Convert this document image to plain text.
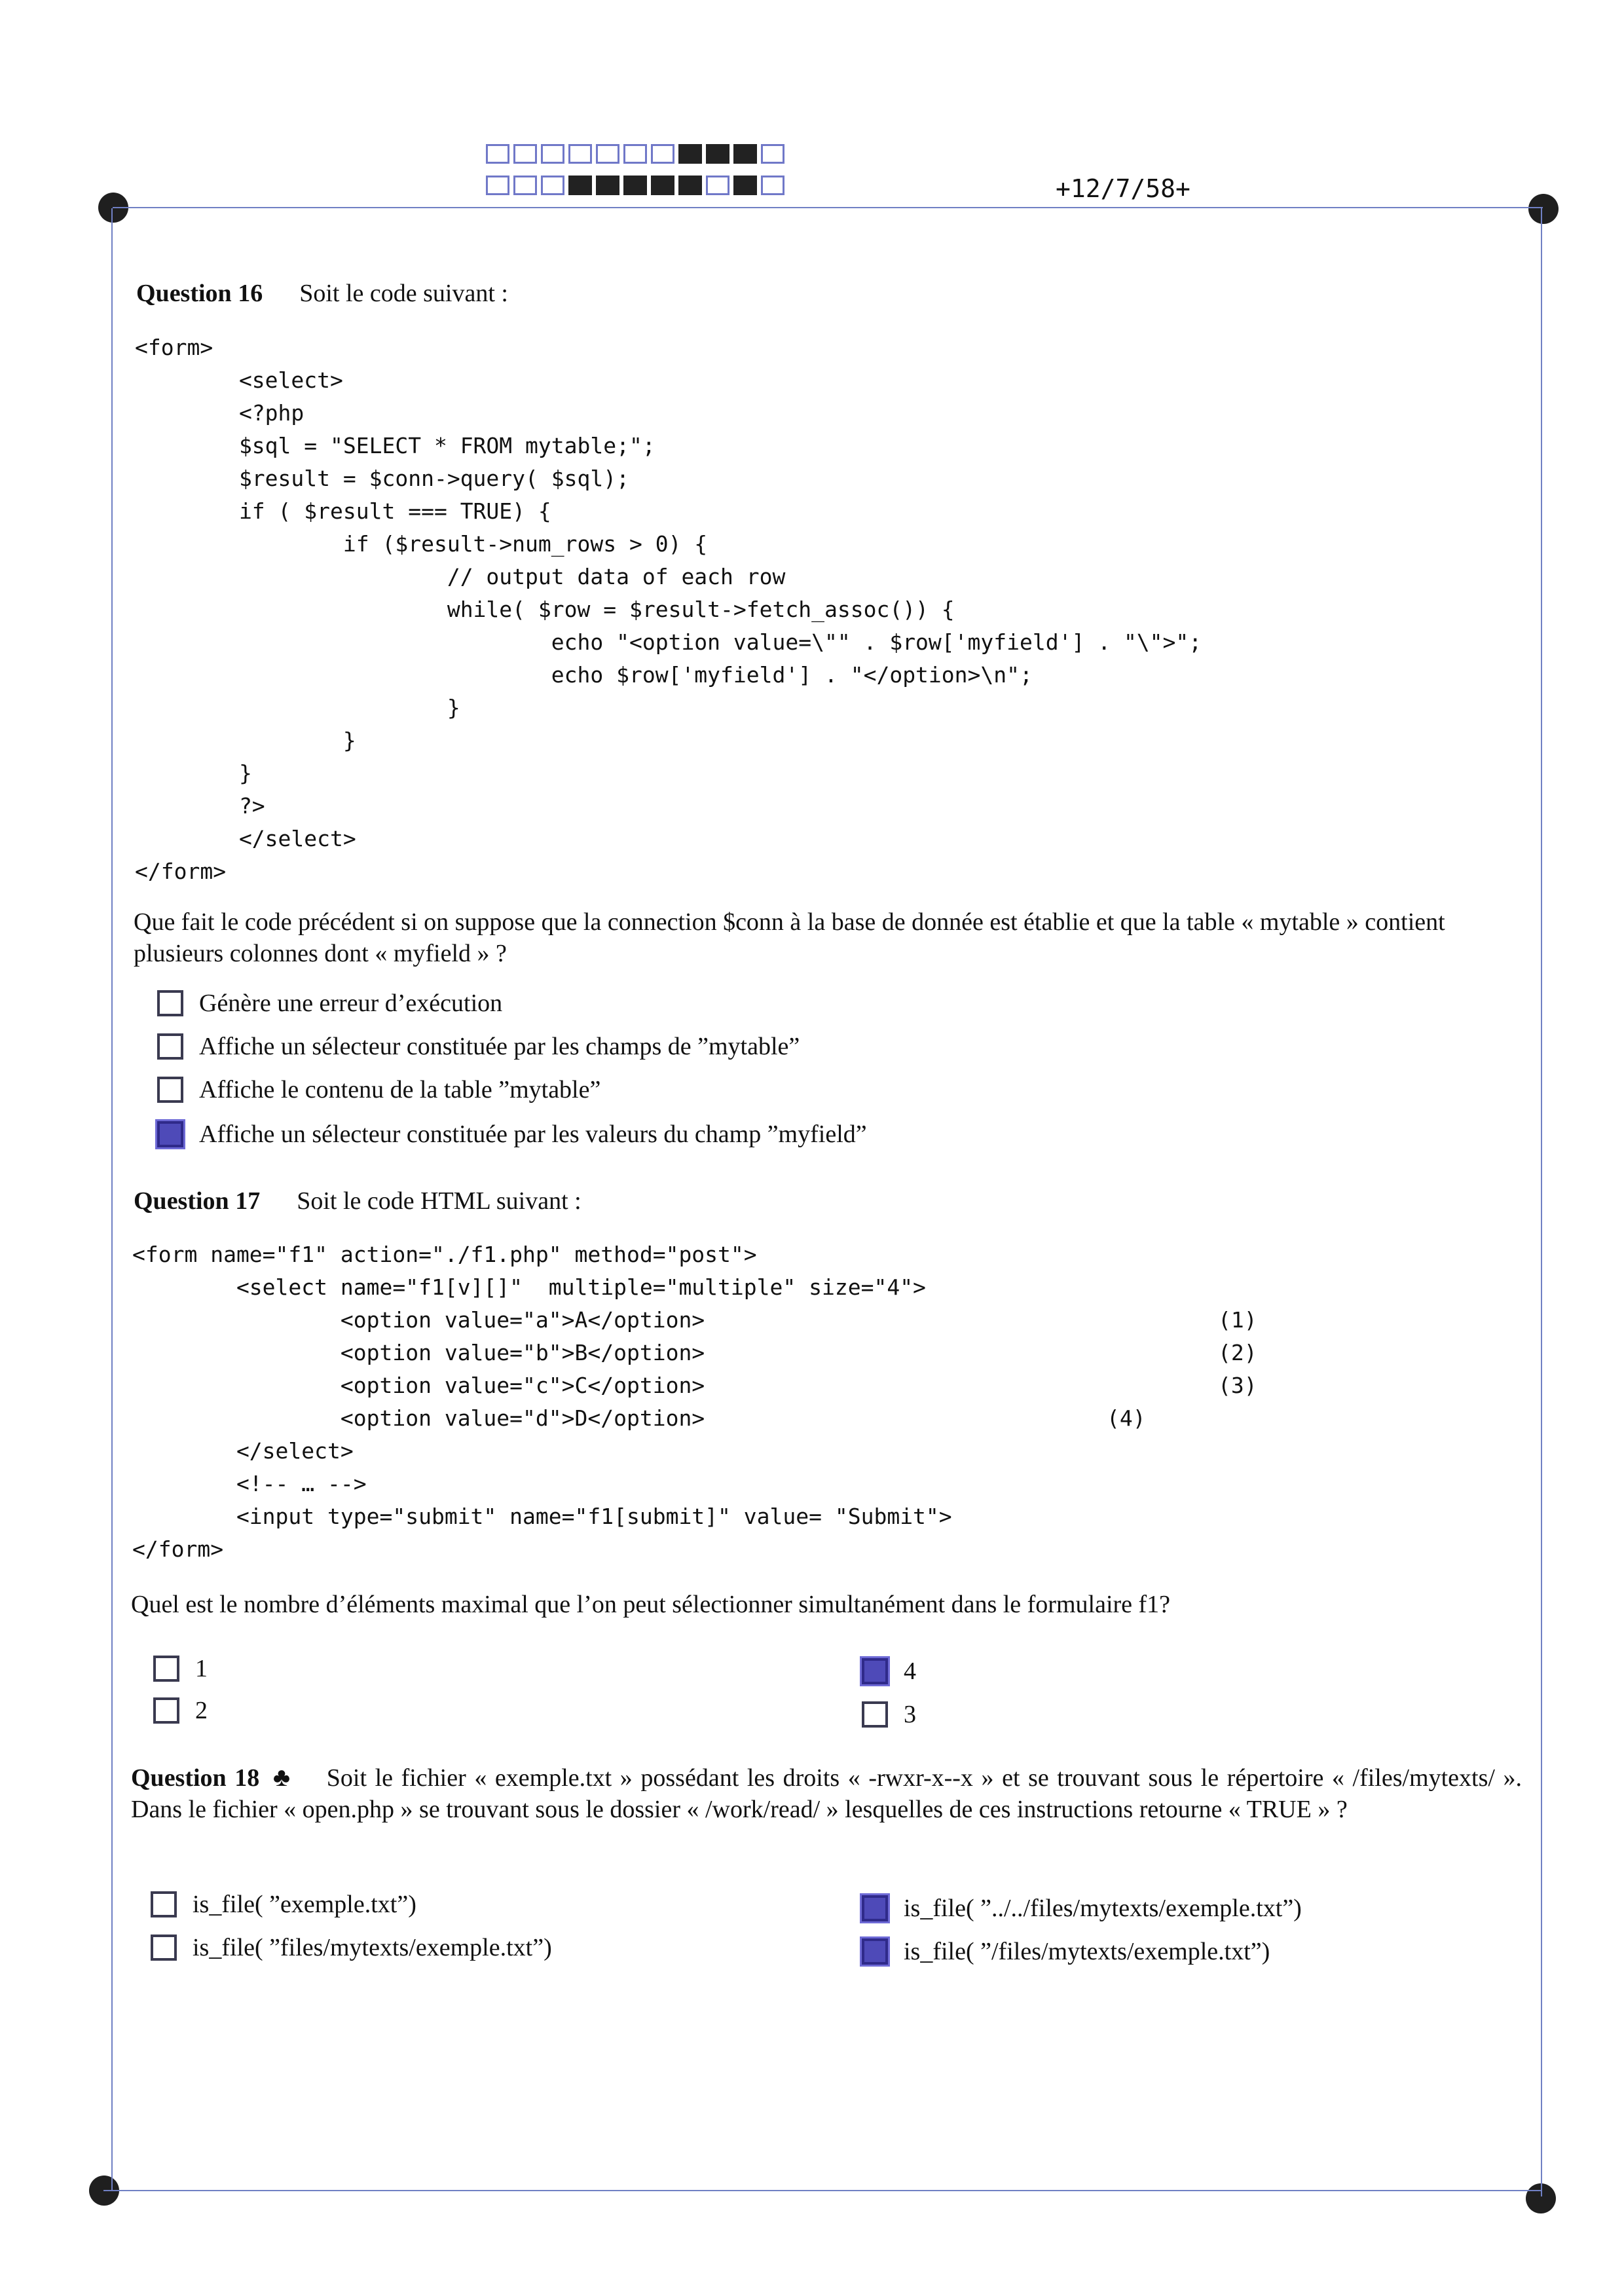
+12/7/58+
Question 16 Soit le code suivant :
<form>
<select>
<?php
$sql = "SELECT * FROM mytable;";
$result = $conn->query( $sql);
if ( $result === TRUE) {
if ($result->num_rows > 0) {
// output data of each row
while( $row = $result->fetch_assoc()) {
echo "<option value=\"" . $row['myfield'] . "\">";
echo $row['myfield'] . "</option>\n";
}
}
}
?>
</select>
</form>
Que fait le code précédent si on suppose que la connection $conn à la base de donnée est établie et que la table « mytable » contient plusieurs colonnes dont « myfield » ?
Génère une erreur d’exécution
Affiche un sélecteur constituée par les champs de ”mytable”
Affiche le contenu de la table ”mytable”
Affiche un sélecteur constituée par les valeurs du champ ”myfield”
Question 17 Soit le code HTML suivant :
<form name="f1" action="./f1.php" method="post">
<select name="f1[v][]"  multiple="multiple" size="4">
<option value="a">A</option>
<option value="b">B</option>
<option value="c">C</option>
<option value="d">D</option>
</select>
<!-- … -->
<input type="submit" name="f1[submit]" value= "Submit">
</form>
(1)
(2)
(3)
(4)
Quel est le nombre d’éléments maximal que l’on peut sélectionner simultanément dans le formulaire f1?
1
2
4
3
Question 18 ♣ Soit le fichier « exemple.txt » possédant les droits « -rwxr-x--x » et se trouvant sous le répertoire « /files/mytexts/ ». Dans le fichier « open.php » se trouvant sous le dossier « /work/read/ » lesquelles de ces instructions retourne « TRUE » ?
is_file( ”exemple.txt”)
is_file( ”files/mytexts/exemple.txt”)
is_file( ”../../files/mytexts/exemple.txt”)
is_file( ”/files/mytexts/exemple.txt”)
